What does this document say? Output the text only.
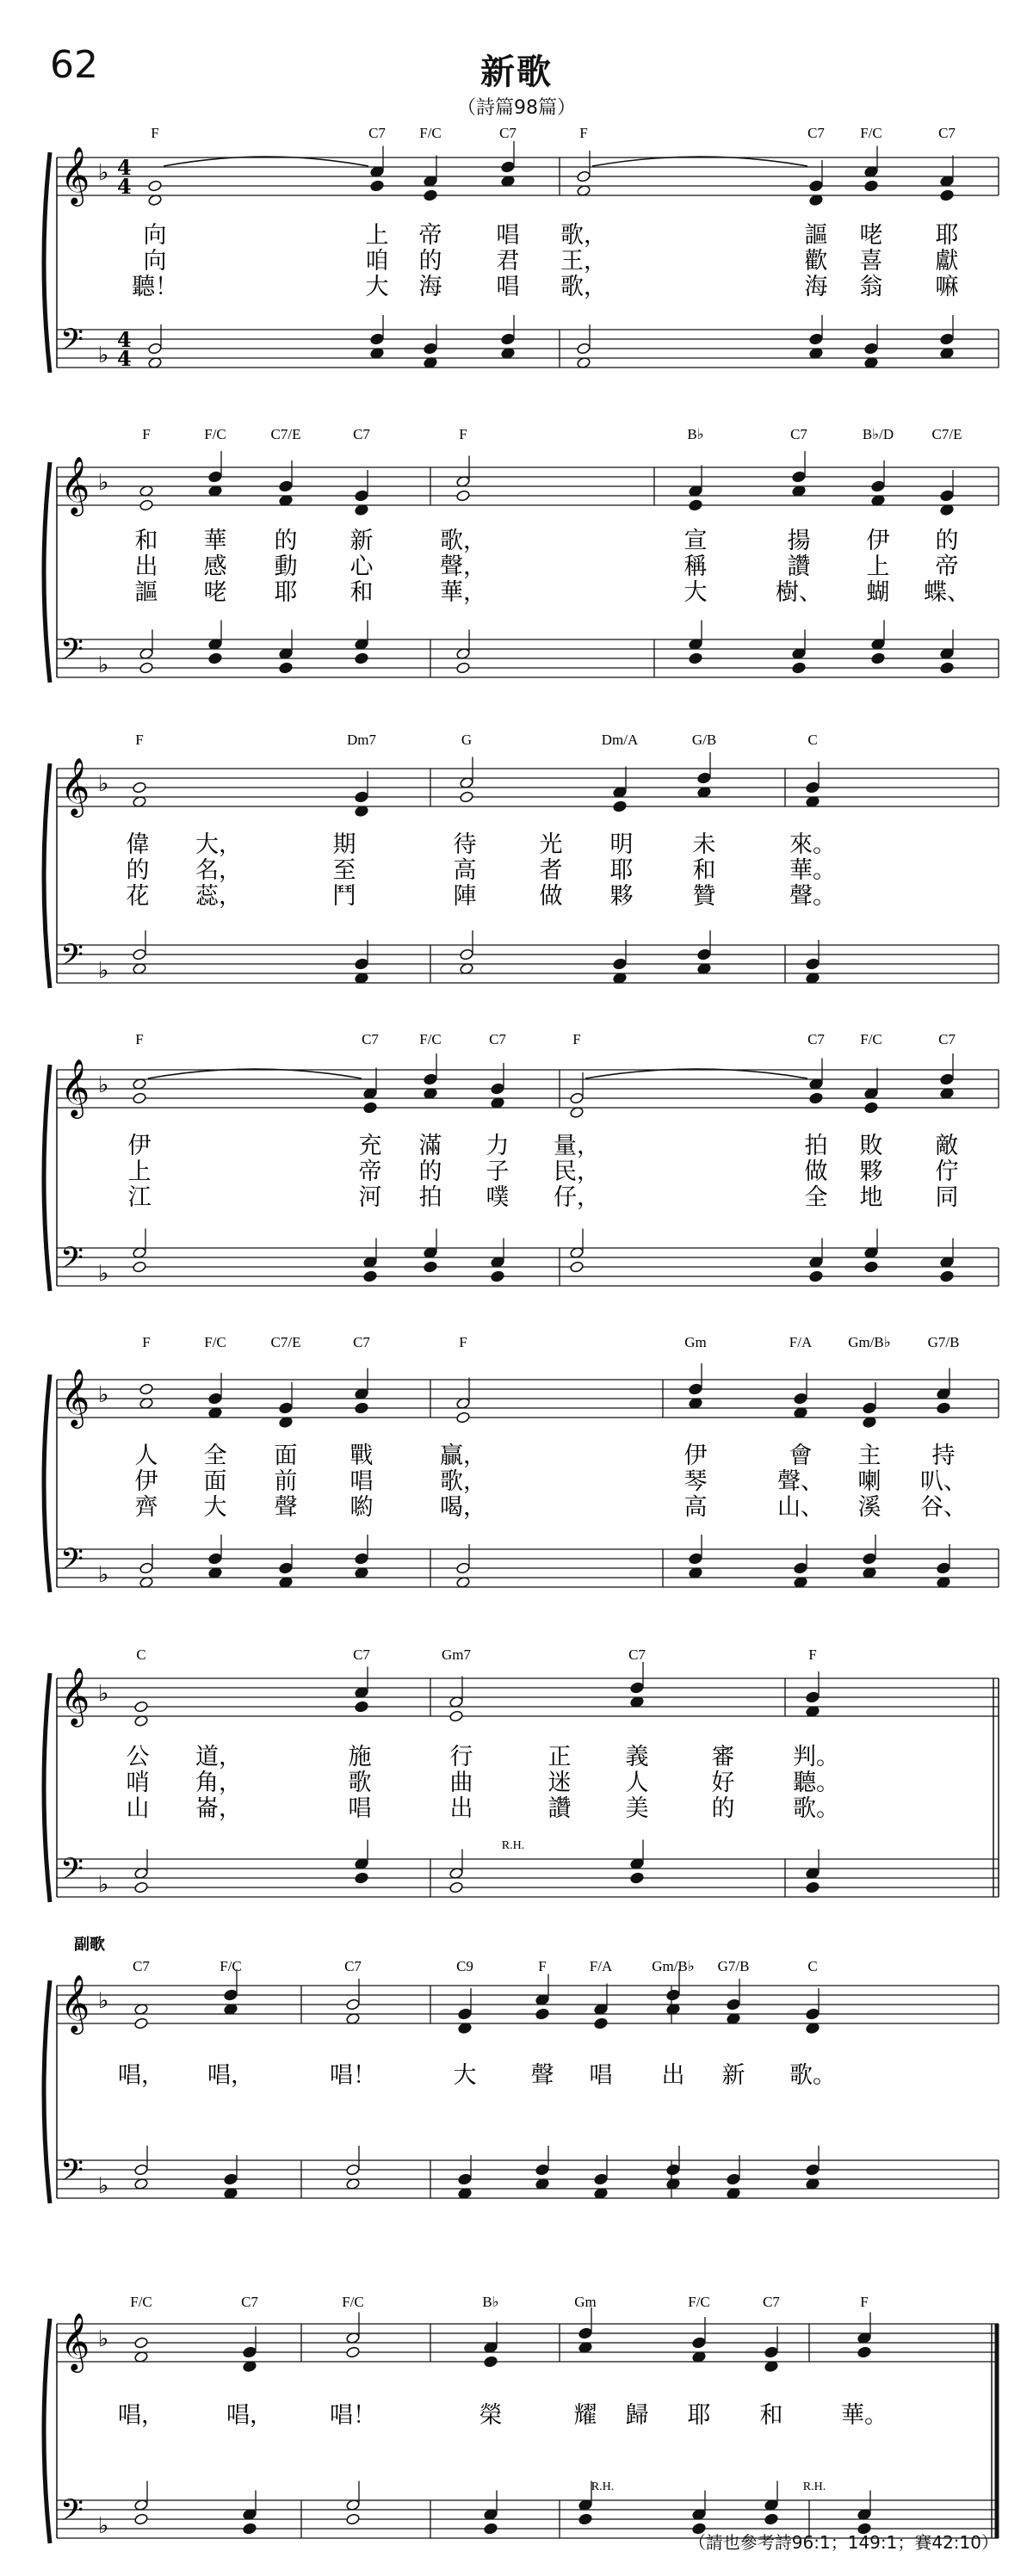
62	新歌
（詩篇98篇）
𝄞 ♭
𝄢 ♭
4
4
4
4
F	C7 F/C	C7	F	C7 F/C	C7
向	上 帝 唱 歌，	謳 咾 耶
向	咱 的 君 王，	歡 喜 獻
聽！	大 海 唱 歌，	海 翁 嘛
𝄞 ♭
𝄢 ♭
F	F/C	C7/E	C7	F	B♭	C7	B♭/D	C7/E
和 華 的 新	歌，	宣	揚 伊 的
出 感 動 心	聲，	稱	讚 上 帝
謳 咾 耶 和	華，	大	樹、 蝴 蝶、
𝄞 ♭
𝄢 ♭
F	Dm7	G	Dm/A	G/B	C
偉 大，	期	待	光 明	未	來。
的 名，	至	高	者 耶	和	華。
花 蕊，	鬥	陣	做 夥	贊	聲。
𝄞 ♭
𝄢 ♭
F	C7	F/C	C7	F	C7 F/C	C7
伊	充 滿 力 量，	拍 敗 敵
上	帝 的 子 民，	做 夥 佇
江	河 拍 噗 仔，	全 地 同
𝄞 ♭
𝄢 ♭
F	F/C	C7/E	C7	F	Gm	F/A Gm/B♭	G7/B
人 全 面 戰	贏，	伊	會 主 持
伊 面 前 唱	歌，	琴	聲、 喇 叭、
齊 大 聲 喲	喝，	高	山、 溪 谷、
𝄞 ♭
𝄢 ♭
C	C7	Gm7	C7	F
公 道，	施	行	正 義	審	判。
哨 角，	歌	曲	迷 人	好	聽。
山 崙，	唱	出	讚 美	的	歌。
R.H.
𝄞 ♭
𝄢 ♭
副歌
C7	F/C	C7	C9	F	F/A	Gm/B♭ G7/B	C
唱， 唱，	唱！	大 聲 唱 出 新 歌。
𝄞 ♭
𝄢 ♭
F/C	C7	F/C	B♭	Gm	F/C	C7	F
唱，	唱， 唱！	榮	耀 歸 耶 和	華。
R.H.	R.H.
（請也參考詩96:1；149:1；賽42:10）
